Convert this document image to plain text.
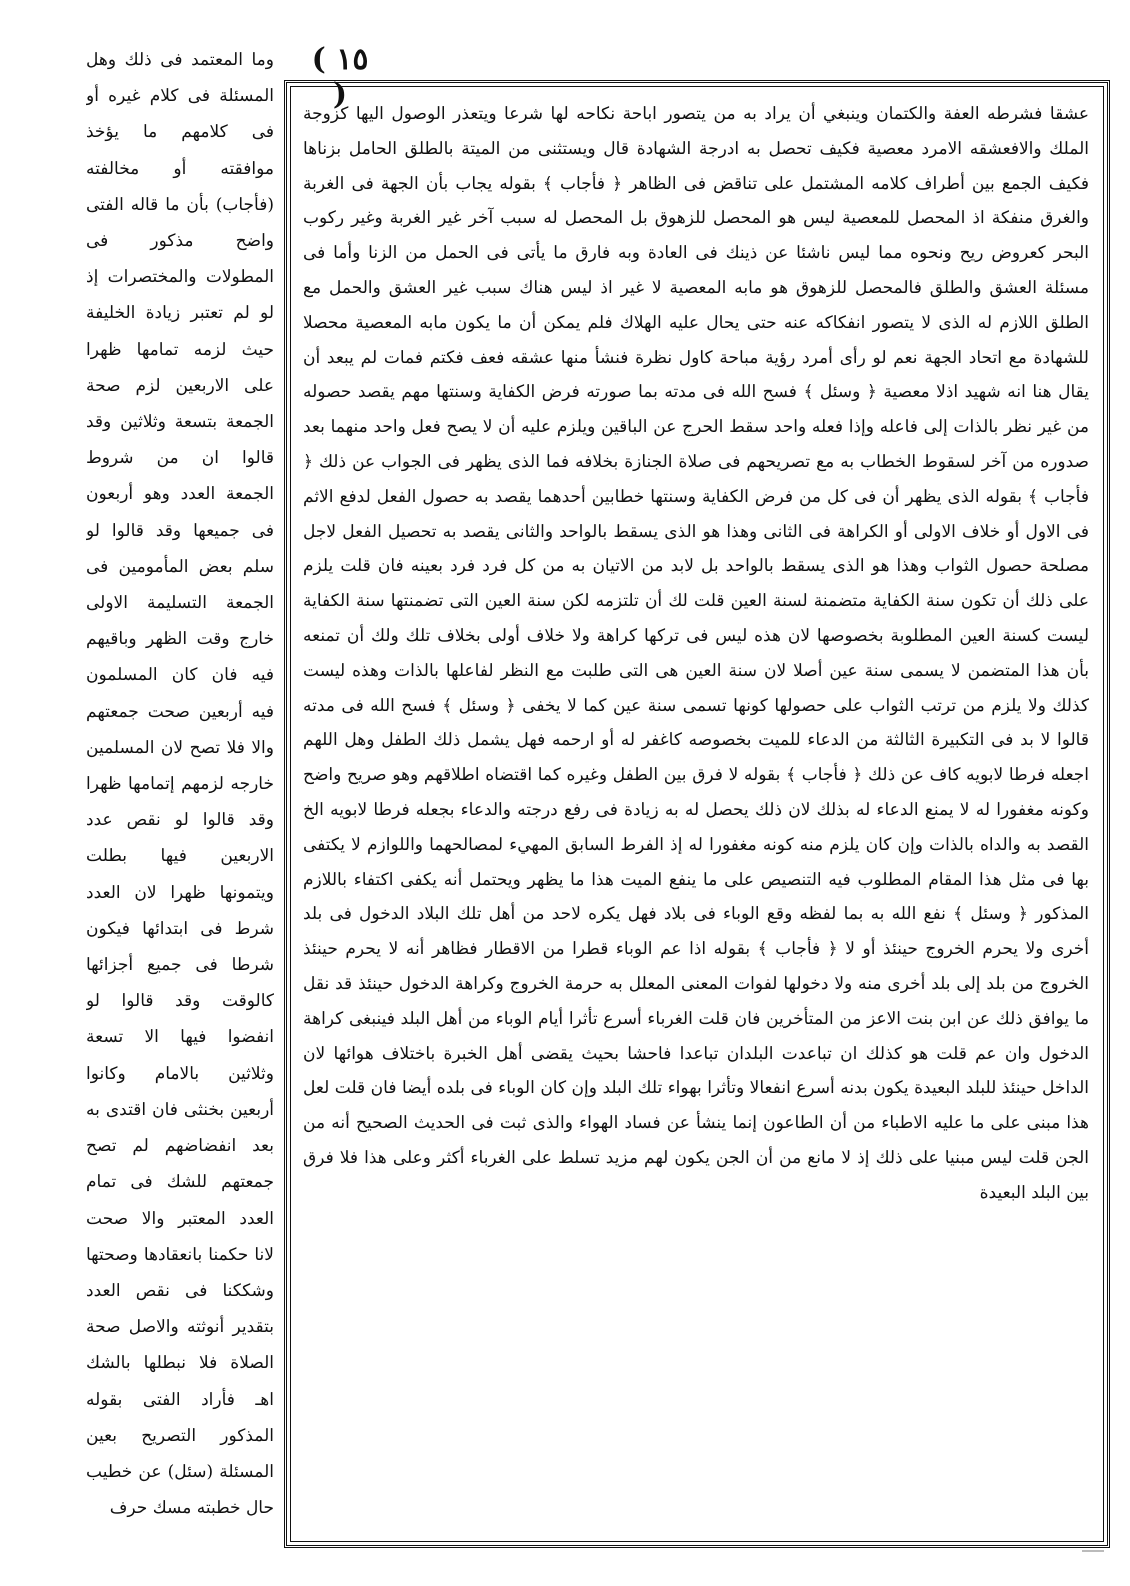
( ١٥ )

عشقا فشرطه العفة والكتمان وينبغي أن يراد به من يتصور اباحة نكاحه لها شرعا ويتعذر الوصول اليها كزوجة الملك والافعشقه الامرد معصية فكيف تحصل به ادرجة الشهادة قال ويستثنى من الميتة بالطلق الحامل بزناها فكيف الجمع بين أطراف كلامه المشتمل على تناقض فى الظاهر ﴿ فأجاب ﴾ بقوله يجاب بأن الجهة فى الغربة والغرق منفكة اذ المحصل للمعصية ليس هو المحصل للزهوق بل المحصل له سبب آخر غير الغربة وغير ركوب البحر كعروض ريح ونحوه مما ليس ناشئا عن ذينك فى العادة وبه فارق ما يأتى فى الحمل من الزنا وأما فى مسئلة العشق والطلق فالمحصل للزهوق هو مابه المعصية لا غير اذ ليس هناك سبب غير العشق والحمل مع الطلق اللازم له الذى لا يتصور انفكاكه عنه حتى يحال عليه الهلاك فلم يمكن أن ما يكون مابه المعصية محصلا للشهادة مع اتحاد الجهة نعم لو رأى أمرد رؤية مباحة كاول نظرة فنشأ منها عشقه فعف فكتم فمات لم يبعد أن يقال هنا انه شهيد اذلا معصية ﴿ وسئل ﴾ فسح الله فى مدته بما صورته فرض الكفاية وسنتها مهم يقصد حصوله من غير نظر بالذات إلى فاعله وإذا فعله واحد سقط الحرج عن الباقين ويلزم عليه أن لا يصح فعل واحد منهما بعد صدوره من آخر لسقوط الخطاب به مع تصريحهم فى صلاة الجنازة بخلافه فما الذى يظهر فى الجواب عن ذلك ﴿ فأجاب ﴾ بقوله الذى يظهر أن فى كل من فرض الكفاية وسنتها خطابين أحدهما يقصد به حصول الفعل لدفع الاثم فى الاول أو خلاف الاولى أو الكراهة فى الثانى وهذا هو الذى يسقط بالواحد والثانى يقصد به تحصيل الفعل لاجل مصلحة حصول الثواب وهذا هو الذى يسقط بالواحد بل لابد من الاتيان به من كل فرد فرد بعينه فان قلت يلزم على ذلك أن تكون سنة الكفاية متضمنة لسنة العين قلت لك أن تلتزمه لكن سنة العين التى تضمنتها سنة الكفاية ليست كسنة العين المطلوبة بخصوصها لان هذه ليس فى تركها كراهة ولا خلاف أولى بخلاف تلك ولك أن تمنعه بأن هذا المتضمن لا يسمى سنة عين أصلا لان سنة العين هى التى طلبت مع النظر لفاعلها بالذات وهذه ليست كذلك ولا يلزم من ترتب الثواب على حصولها كونها تسمى سنة عين كما لا يخفى ﴿ وسئل ﴾ فسح الله فى مدته قالوا لا بد فى التكبيرة الثالثة من الدعاء للميت بخصوصه كاغفر له أو ارحمه فهل يشمل ذلك الطفل وهل اللهم اجعله فرطا لابويه كاف عن ذلك ﴿ فأجاب ﴾ بقوله لا فرق بين الطفل وغيره كما اقتضاه اطلاقهم وهو صريح واضح وكونه مغفورا له لا يمنع الدعاء له بذلك لان ذلك يحصل له به زيادة فى رفع درجته والدعاء بجعله فرطا لابويه الخ القصد به والداه بالذات وإن كان يلزم منه كونه مغفورا له إذ الفرط السابق المهيء لمصالحهما واللوازم لا يكتفى بها فى مثل هذا المقام المطلوب فيه التنصيص على ما ينفع الميت هذا ما يظهر ويحتمل أنه يكفى اكتفاء باللازم المذكور ﴿ وسئل ﴾ نفع الله به بما لفظه وقع الوباء فى بلاد فهل يكره لاحد من أهل تلك البلاد الدخول فى بلد أخرى ولا يحرم الخروج حينئذ أو لا ﴿ فأجاب ﴾ بقوله اذا عم الوباء قطرا من الاقطار فظاهر أنه لا يحرم حينئذ الخروج من بلد إلى بلد أخرى منه ولا دخولها لفوات المعنى المعلل به حرمة الخروج وكراهة الدخول حينئذ قد نقل ما يوافق ذلك عن ابن بنت الاعز من المتأخرين فان قلت الغرباء أسرع تأثرا أيام الوباء من أهل البلد فينبغى كراهة الدخول وان عم قلت هو كذلك ان تباعدت البلدان تباعدا فاحشا بحيث يقضى أهل الخبرة باختلاف هوائها لان الداخل حينئذ للبلد البعيدة يكون بدنه أسرع انفعالا وتأثرا بهواء تلك البلد وإن كان الوباء فى بلده أيضا فان قلت لعل هذا مبنى على ما عليه الاطباء من أن الطاعون إنما ينشأ عن فساد الهواء والذى ثبت فى الحديث الصحيح أنه من الجن قلت ليس مبنيا على ذلك إذ لا مانع من أن الجن يكون لهم مزيد تسلط على الغرباء أكثر وعلى هذا فلا فرق بين البلد البعيدة

وما المعتمد فى ذلك وهل المسئلة فى كلام غيره أو فى كلامهم ما يؤخذ موافقته أو مخالفته (فأجاب) بأن ما قاله الفتى واضح مذكور فى المطولات والمختصرات إذ لو لم تعتبر زيادة الخليفة حيث لزمه تمامها ظهرا على الاربعين لزم صحة الجمعة بتسعة وثلاثين وقد قالوا ان من شروط الجمعة العدد وهو أربعون فى جميعها وقد قالوا لو سلم بعض المأمومين فى الجمعة التسليمة الاولى خارج وقت الظهر وباقيهم فيه فان كان المسلمون فيه أربعين صحت جمعتهم والا فلا تصح لان المسلمين خارجه لزمهم إتمامها ظهرا وقد قالوا لو نقص عدد الاربعين فيها بطلت ويتمونها ظهرا لان العدد شرط فى ابتدائها فيكون شرطا فى جميع أجزائها كالوقت وقد قالوا لو انفضوا فيها الا تسعة وثلاثين بالامام وكانوا أربعين بخنثى فان اقتدى به بعد انفضاضهم لم تصح جمعتهم للشك فى تمام العدد المعتبر والا صحت لانا حكمنا بانعقادها وصحتها وشككنا فى نقص العدد بتقدير أنوثته والاصل صحة الصلاة فلا نبطلها بالشك اهـ فأراد الفتى بقوله المذكور التصريح بعين المسئلة (سئل) عن خطيب حال خطبته مسك حرف
